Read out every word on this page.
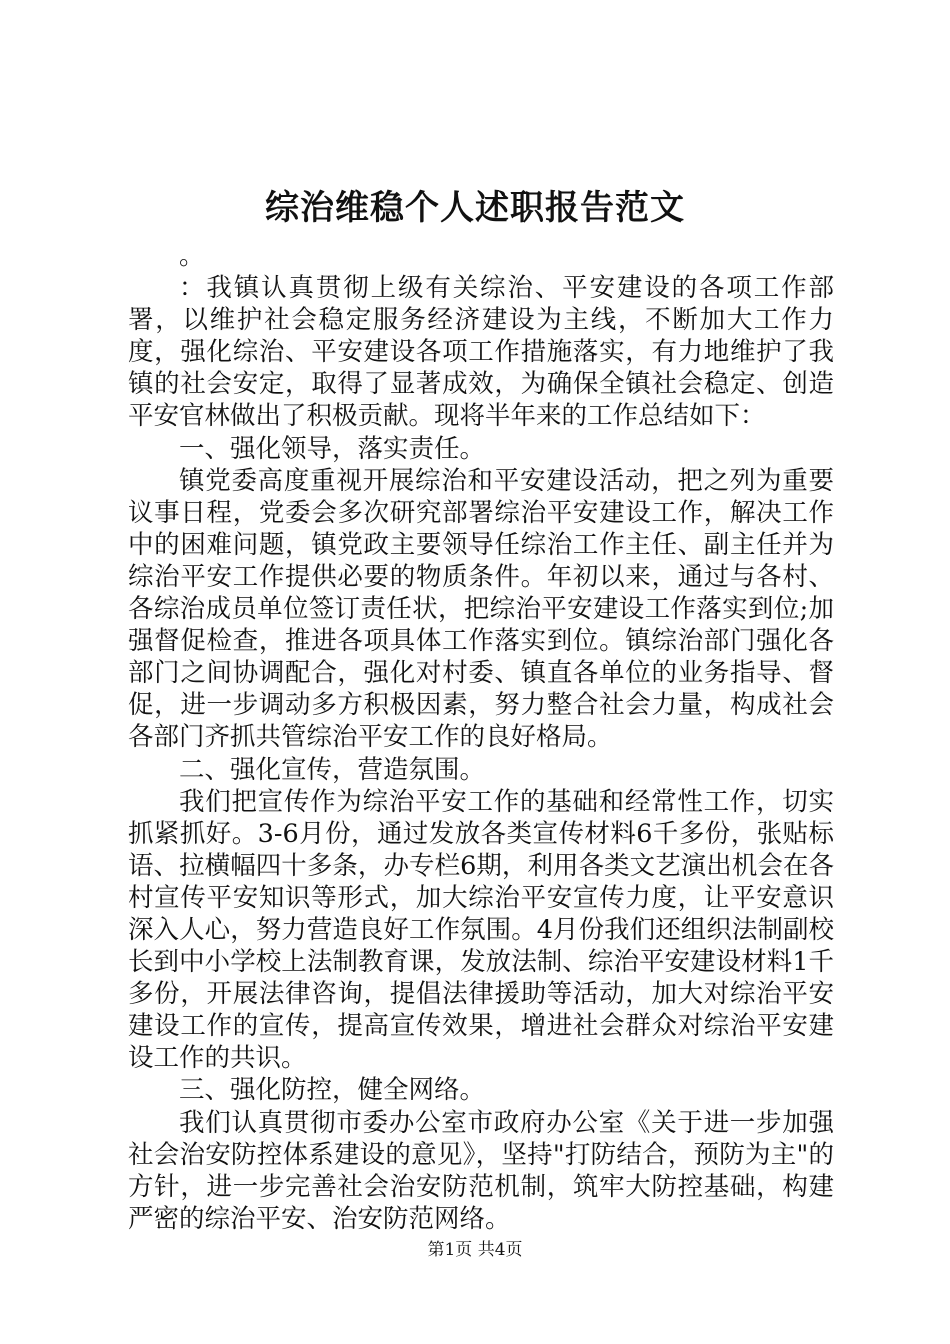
综治维稳个人述职报告范文

。

：我镇认真贯彻上级有关综治、平安建设的各项工作部署，以维护社会稳定服务经济建设为主线，不断加大工作力度，强化综治、平安建设各项工作措施落实，有力地维护了我镇的社会安定，取得了显著成效，为确保全镇社会稳定、创造平安官林做出了积极贡献。现将半年来的工作总结如下：

一、强化领导，落实责任。

镇党委高度重视开展综治和平安建设活动，把之列为重要议事日程，党委会多次研究部署综治平安建设工作，解决工作中的困难问题，镇党政主要领导任综治工作主任、副主任并为综治平安工作提供必要的物质条件。年初以来，通过与各村、各综治成员单位签订责任状，把综治平安建设工作落实到位;加强督促检查，推进各项具体工作落实到位。镇综治部门强化各部门之间协调配合，强化对村委、镇直各单位的业务指导、督促，进一步调动多方积极因素，努力整合社会力量，构成社会各部门齐抓共管综治平安工作的良好格局。

二、强化宣传，营造氛围。

我们把宣传作为综治平安工作的基础和经常性工作，切实抓紧抓好。3-6月份，通过发放各类宣传材料6千多份，张贴标语、拉横幅四十多条，办专栏6期，利用各类文艺演出机会在各村宣传平安知识等形式，加大综治平安宣传力度，让平安意识深入人心，努力营造良好工作氛围。4月份我们还组织法制副校长到中小学校上法制教育课，发放法制、综治平安建设材料1千多份，开展法律咨询，提倡法律援助等活动，加大对综治平安建设工作的宣传，提高宣传效果，增进社会群众对综治平安建设工作的共识。

三、强化防控，健全网络。

我们认真贯彻市委办公室市政府办公室《关于进一步加强社会治安防控体系建设的意见》，坚持"打防结合，预防为主"的方针，进一步完善社会治安防范机制，筑牢大防控基础，构建严密的综治平安、治安防范网络。

第1页 共4页
